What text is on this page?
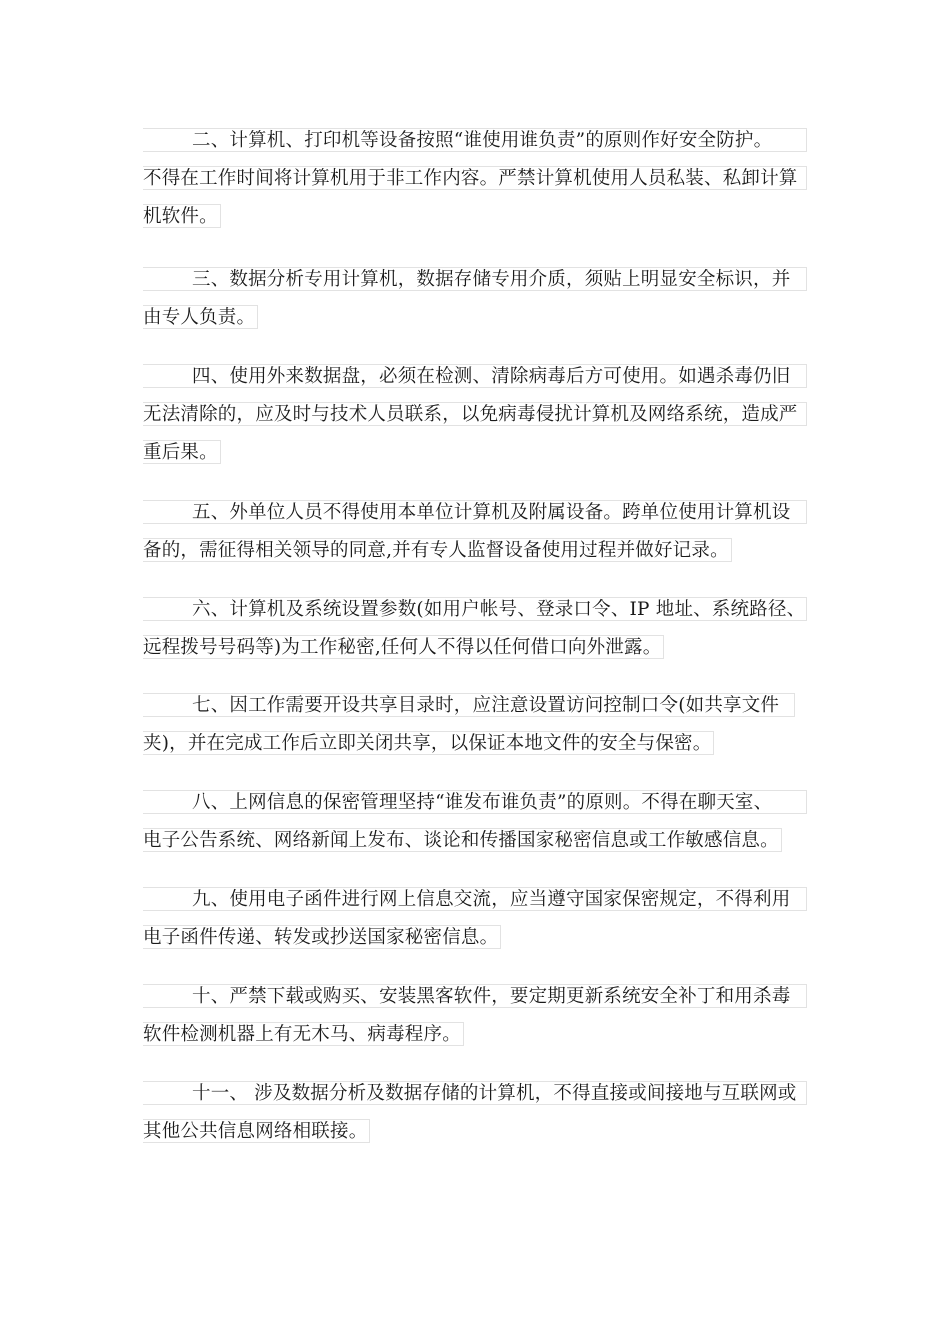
二、计算机、打印机等设备按照“谁使用谁负责”的原则作好安全防护。
不得在工作时间将计算机用于非工作内容。严禁计算机使用人员私装、私卸计算
机软件。
三、数据分析专用计算机，数据存储专用介质，须贴上明显安全标识，并
由专人负责。
四、使用外来数据盘，必须在检测、清除病毒后方可使用。如遇杀毒仍旧
无法清除的，应及时与技术人员联系，以免病毒侵扰计算机及网络系统，造成严
重后果。
五、外单位人员不得使用本单位计算机及附属设备。跨单位使用计算机设
备的，需征得相关领导的同意,并有专人监督设备使用过程并做好记录。
六、计算机及系统设置参数(如用户帐号、登录口令、IP 地址、系统路径、
远程拨号号码等)为工作秘密,任何人不得以任何借口向外泄露。
七、因工作需要开设共享目录时，应注意设置访问控制口令(如共享文件
夹)，并在完成工作后立即关闭共享，以保证本地文件的安全与保密。
八、上网信息的保密管理坚持“谁发布谁负责”的原则。不得在聊天室、
电子公告系统、网络新闻上发布、谈论和传播国家秘密信息或工作敏感信息。
九、使用电子函件进行网上信息交流，应当遵守国家保密规定，不得利用
电子函件传递、转发或抄送国家秘密信息。
十、严禁下载或购买、安装黑客软件，要定期更新系统安全补丁和用杀毒
软件检测机器上有无木马、病毒程序。
十一、 涉及数据分析及数据存储的计算机，不得直接或间接地与互联网或
其他公共信息网络相联接。
